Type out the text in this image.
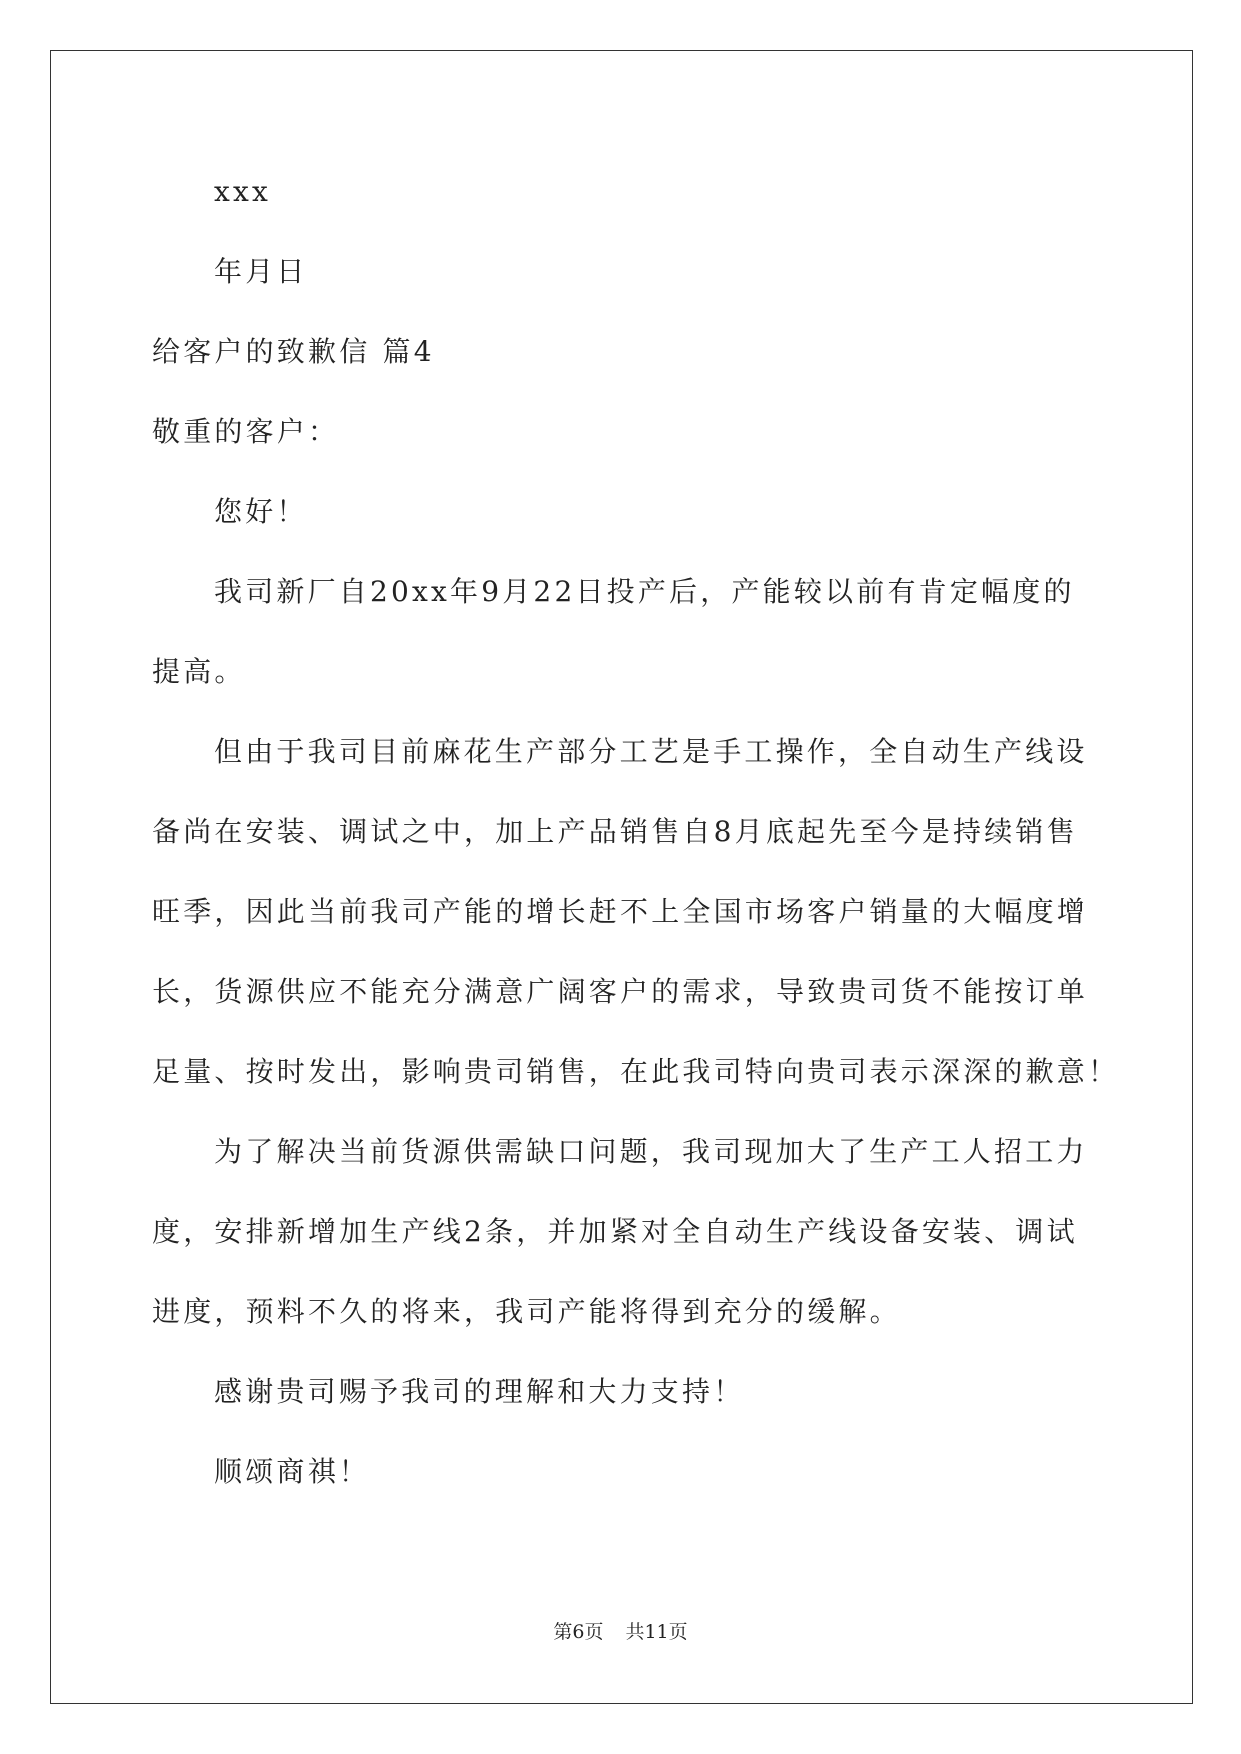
xxx
年月日
给客户的致歉信 篇4
敬重的客户：
您好！
我司新厂自20xx年9月22日投产后，产能较以前有肯定幅度的
提高。
但由于我司目前麻花生产部分工艺是手工操作，全自动生产线设
备尚在安装、调试之中，加上产品销售自8月底起先至今是持续销售
旺季，因此当前我司产能的增长赶不上全国市场客户销量的大幅度增
长，货源供应不能充分满意广阔客户的需求，导致贵司货不能按订单
足量、按时发出，影响贵司销售，在此我司特向贵司表示深深的歉意！
为了解决当前货源供需缺口问题，我司现加大了生产工人招工力
度，安排新增加生产线2条，并加紧对全自动生产线设备安装、调试
进度，预料不久的将来，我司产能将得到充分的缓解。
感谢贵司赐予我司的理解和大力支持！
顺颂商祺！
第6页 共11页
